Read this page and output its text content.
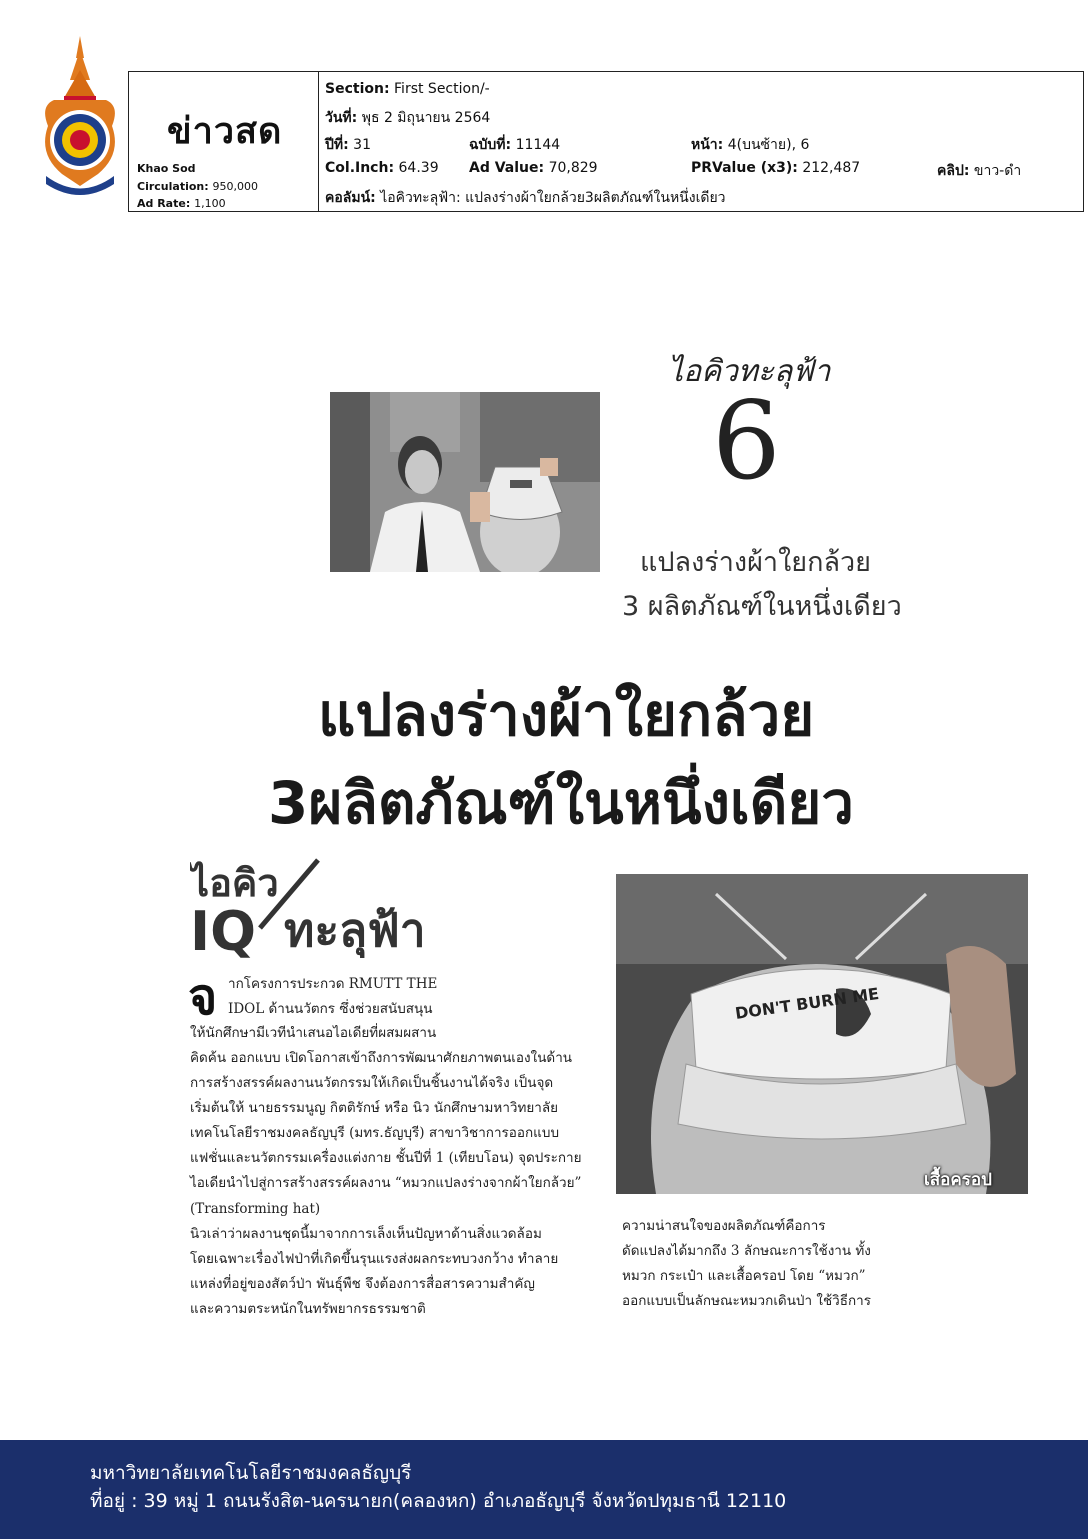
ข่าวสด
Khao Sod
Circulation: 950,000
Ad Rate: 1,100
Section: First Section/-
วันที่: พุธ 2 มิถุนายน 2564
ปีที่: 31	ฉบับที่: 11144	หน้า: 4(บนซ้าย), 6
Col.Inch: 64.39 Ad Value: 70,829	PRValue (x3): 212,487	คลิป: ขาว-ดำ
คอลัมน์: ไอคิวทะลุฟ้า: แปลงร่างผ้าใยกล้วย3ผลิตภัณฑ์ในหนึ่งเดียว
ไอคิวทะลุฟ้า
6
แปลงร่างผ้าใยกล้วย
3 ผลิตภัณฑ์ในหนึ่งเดียว
แปลงร่างผ้าใยกล้วย
3ผลิตภัณฑ์ในหนึ่งเดียว
ไอคิว
IQ ทะลุฟ้า
จ ากโครงการประกวด RMUTT THE
IDOL ด้านนวัตกร ซึ่งช่วยสนับสนุน
ให้นักศึกษามีเวทีนำเสนอไอเดียที่ผสมผสาน
คิดค้น ออกแบบ เปิดโอกาสเข้าถึงการพัฒนาศักยภาพตนเองในด้าน
การสร้างสรรค์ผลงานนวัตกรรมให้เกิดเป็นชิ้นงานได้จริง เป็นจุด
เริ่มต้นให้ นายธรรมนูญ กิตติรักษ์ หรือ นิว นักศึกษามหาวิทยาลัย
เทคโนโลยีราชมงคลธัญบุรี (มทร.ธัญบุรี) สาขาวิชาการออกแบบ
แฟชั่นและนวัตกรรมเครื่องแต่งกาย ชั้นปีที่ 1 (เทียบโอน) จุดประกาย
ไอเดียนำไปสู่การสร้างสรรค์ผลงาน “หมวกแปลงร่างจากผ้าใยกล้วย”
(Transforming hat)
นิวเล่าว่าผลงานชุดนี้มาจากการเล็งเห็นปัญหาด้านสิ่งแวดล้อม
โดยเฉพาะเรื่องไฟป่าที่เกิดขึ้นรุนแรงส่งผลกระทบวงกว้าง ทำลาย
แหล่งที่อยู่ของสัตว์ป่า พันธุ์พืช จึงต้องการสื่อสารความสำคัญ
และความตระหนักในทรัพยากรธรรมชาติ
DON'T BURN ME
เสื้อครอป
ความน่าสนใจของผลิตภัณฑ์คือการ
ดัดแปลงได้มากถึง 3 ลักษณะการใช้งาน ทั้ง
หมวก กระเป๋า และเสื้อครอป โดย “หมวก”
ออกแบบเป็นลักษณะหมวกเดินป่า ใช้วิธีการ
มหาวิทยาลัยเทคโนโลยีราชมงคลธัญบุรี
ที่อยู่ : 39 หมู่ 1 ถนนรังสิต-นครนายก(คลองหก) อำเภอธัญบุรี จังหวัดปทุมธานี 12110
